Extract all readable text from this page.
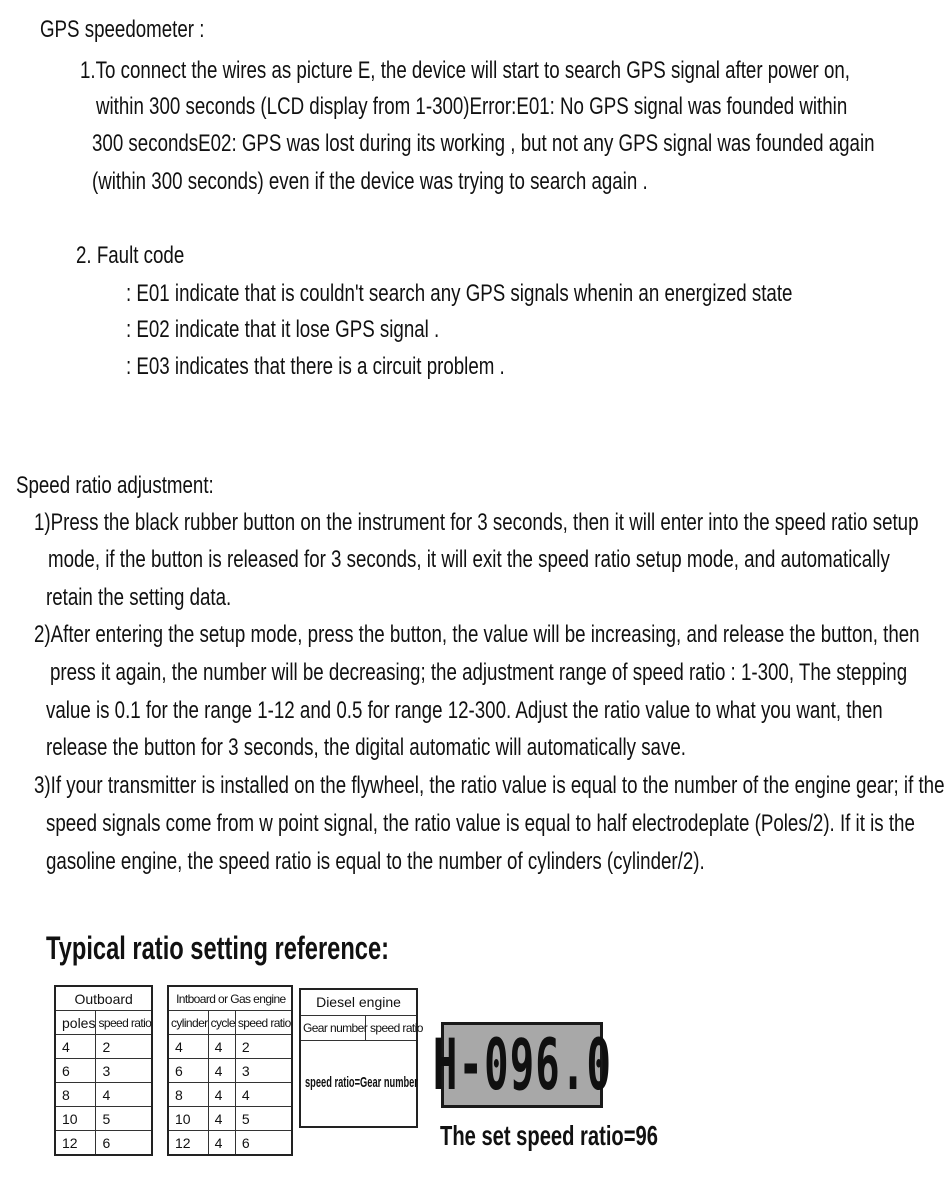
GPS speedometer :
1.To connect the wires as picture E, the device will start to search GPS signal after power on,
within 300 seconds (LCD display from 1-300)Error:E01: No GPS signal was founded within
300 secondsE02: GPS was lost during its working , but not any GPS signal was founded again
(within 300 seconds) even if the device was trying to search again .
2. Fault code
: E01 indicate that is couldn't search any GPS signals whenin an energized state
: E02 indicate that it lose GPS signal .
: E03 indicates that there is a circuit problem .
Speed ratio adjustment:
1)Press the black rubber button on the instrument for 3 seconds, then it will enter into the speed ratio setup
mode, if the button is released for 3 seconds, it will exit the speed ratio setup mode, and automatically
retain the setting data.
2)After entering the setup mode, press the button, the value will be increasing, and release the button, then
press it again, the number will be decreasing; the adjustment range of speed ratio : 1-300, The stepping
value is 0.1 for the range 1-12 and 0.5 for range 12-300. Adjust the ratio value to what you want, then
release the button for 3 seconds, the digital automatic will automatically save.
3)If your transmitter is installed on the flywheel, the ratio value is equal to the number of the engine gear; if the
speed signals come from w point signal, the ratio value is equal to half electrodeplate (Poles/2). If it is the
gasoline engine, the speed ratio is equal to the number of cylinders (cylinder/2).
Typical ratio setting reference:
Outboard	
poles	speed ratio
4	2
6	3
8	4
10	5
12	6
Intboard or Gas engine		
cylinder	cycle	speed ratio
4	4	2
6	4	3
8	4	4
10	4	5
12	4	6
Diesel engine
Gear number speed ratio
speed ratio=Gear number H-096.0
The set speed ratio=96
